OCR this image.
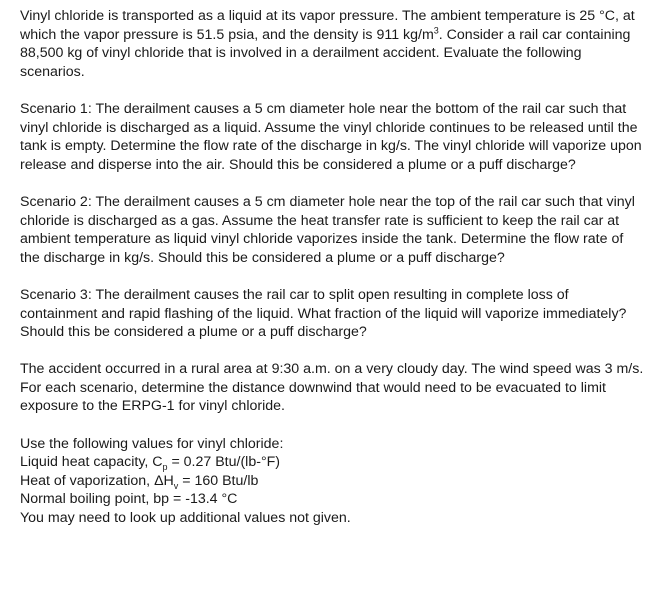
Vinyl chloride is transported as a liquid at its vapor pressure. The ambient temperature is 25 °C, at which the vapor pressure is 51.5 psia, and the density is 911 $kg/m^3$. Consider a rail car containing 88,500 kg of vinyl chloride that is involved in a derailment accident. Evaluate the following scenarios.

Scenario 1: The derailment causes a 5 cm diameter hole near the bottom of the rail car such that vinyl chloride is discharged as a liquid. Assume the vinyl chloride continues to be released until the tank is empty. Determine the flow rate of the discharge in kg/s. The vinyl chloride will vaporize upon release and disperse into the air. Should this be considered a plume or a puff discharge?

Scenario 2: The derailment causes a 5 cm diameter hole near the top of the rail car such that vinyl chloride is discharged as a gas. Assume the heat transfer rate is sufficient to keep the rail car at ambient temperature as liquid vinyl chloride vaporizes inside the tank. Determine the flow rate of the discharge in kg/s. Should this be considered a plume or a puff discharge?

Scenario 3: The derailment causes the rail car to split open resulting in complete loss of containment and rapid flashing of the liquid. What fraction of the liquid will vaporize immediately? Should this be considered a plume or a puff discharge?

The accident occurred in a rural area at 9:30 a.m. on a very cloudy day. The wind speed was 3 m/s. For each scenario, determine the distance downwind that would need to be evacuated to limit exposure to the ERPG-1 for vinyl chloride.

Use the following values for vinyl chloride:
Liquid heat capacity, $C_p = 0.27$ Btu/(lb-°F)
Heat of vaporization, $\Delta H_v = 160$ Btu/lb
Normal boiling point, bp = -13.4 °C
You may need to look up additional values not given.
